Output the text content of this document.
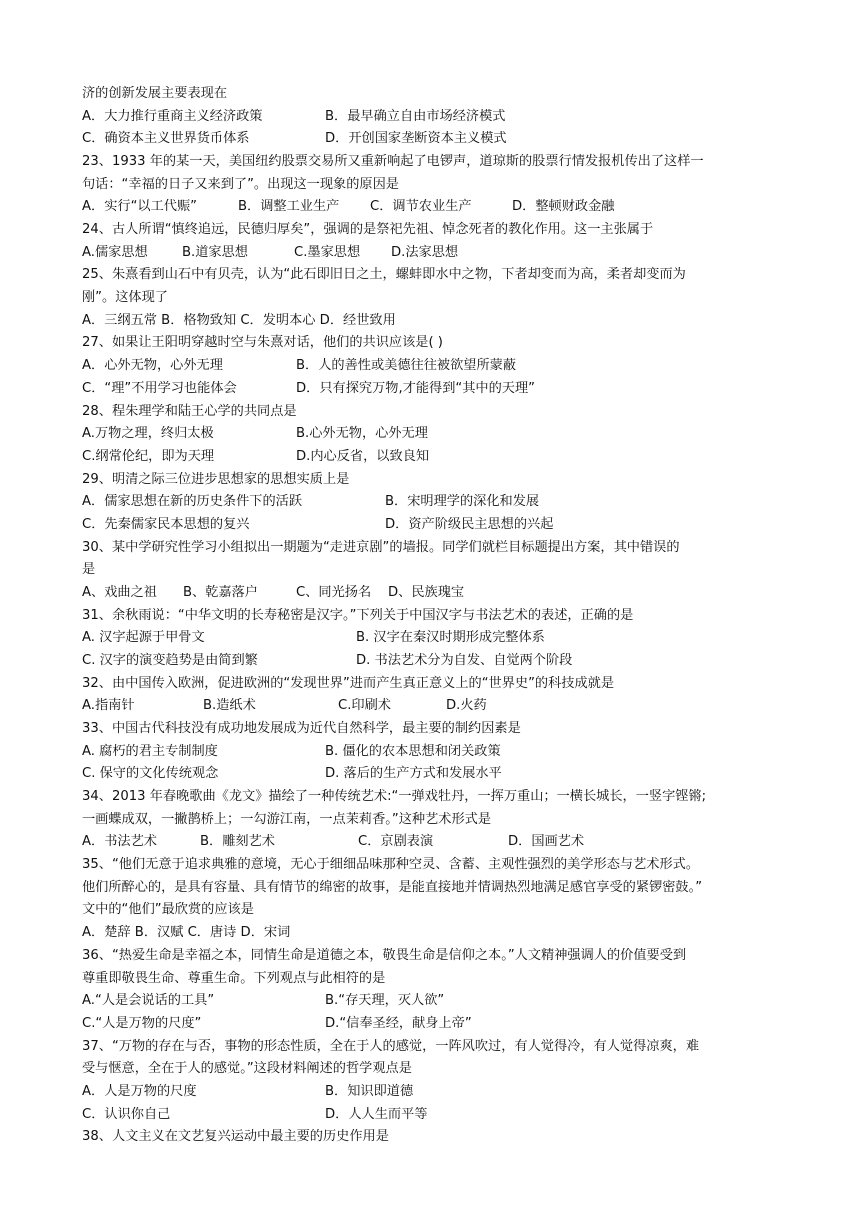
济的创新发展主要表现在
A．大力推行重商主义经济政策	B．最早确立自由市场经济模式
C．确资本主义世界货币体系	D．开创国家垄断资本主义模式
23、1933 年的某一天，美国纽约股票交易所又重新响起了电锣声，道琼斯的股票行情发报机传出了这样一
句话：“幸福的日子又来到了”。出现这一现象的原因是
A．实行“以工代赈”	B．调整工业生产 C．调节农业生产	D．整顿财政金融
24、古人所谓“慎终追远，民德归厚矣”，强调的是祭祀先祖、悼念死者的教化作用。这一主张属于
A.儒家思想	B.道家思想	C.墨家思想 D.法家思想
25、朱熹看到山石中有贝壳，认为“此石即旧日之土，螺蚌即水中之物，下者却变而为高，柔者却变而为
刚”。这体现了
A．三纲五常 B．格物致知 C．发明本心 D．经世致用
27、如果让王阳明穿越时空与朱熹对话，他们的共识应该是( )
A．心外无物，心外无理	B．人的善性或美德往往被欲望所蒙蔽
C．“理”不用学习也能体会	D．只有探究万物,才能得到“其中的天理”
28、程朱理学和陆王心学的共同点是
A.万物之理，终归太极	B.心外无物，心外无理
C.纲常伦纪，即为天理	D.内心反省，以致良知
29、明清之际三位进步思想家的思想实质上是
A．儒家思想在新的历史条件下的活跃	B．宋明理学的深化和发展
C．先秦儒家民本思想的复兴	D．资产阶级民主思想的兴起
30、某中学研究性学习小组拟出一期题为“走进京剧”的墙报。同学们就栏目标题提出方案，其中错误的
是
A、戏曲之祖 B、乾嘉落户	C、同光扬名 D、民族瑰宝
31、余秋雨说：“中华文明的长寿秘密是汉字。”下列关于中国汉字与书法艺术的表述，正确的是
A. 汉字起源于甲骨文	B. 汉字在秦汉时期形成完整体系
C. 汉字的演变趋势是由简到繁	D. 书法艺术分为自发、自觉两个阶段
32、由中国传入欧洲，促进欧洲的“发现世界”进而产生真正意义上的“世界史”的科技成就是
A.指南针	B.造纸术	C.印刷术	D.火药
33、中国古代科技没有成功地发展成为近代自然科学，最主要的制约因素是
A. 腐朽的君主专制制度	B. 僵化的农本思想和闭关政策
C. 保守的文化传统观念	D. 落后的生产方式和发展水平
34、2013 年春晚歌曲《龙文》描绘了一种传统艺术:“一弹戏牡丹，一挥万重山；一横长城长，一竖字铿锵;
一画蝶成双，一撇鹊桥上；一勾游江南，一点茉莉香。”这种艺术形式是
A．书法艺术	B．雕刻艺术	C．京剧表演	D．国画艺术
35、“他们无意于追求典雅的意境，无心于细细品味那种空灵、含蓄、主观性强烈的美学形态与艺术形式。
他们所醉心的，是具有容量、具有情节的绵密的故事，是能直接地并情调热烈地满足感官享受的紧锣密鼓。”
文中的“他们”最欣赏的应该是
A．楚辞 B．汉赋 C．唐诗 D．宋词
36、“热爱生命是幸福之本，同情生命是道德之本，敬畏生命是信仰之本。”人文精神强调人的价值要受到
尊重即敬畏生命、尊重生命。下列观点与此相符的是
A.“人是会说话的工具”	B.“存天理，灭人欲”
C.“人是万物的尺度”	D.“信奉圣经，献身上帝”
37、“万物的存在与否，事物的形态性质，全在于人的感觉，一阵风吹过，有人觉得冷，有人觉得凉爽，难
受与惬意，全在于人的感觉。”这段材料阐述的哲学观点是
A．人是万物的尺度	B．知识即道德
C．认识你自己	D．人人生而平等
38、人文主义在文艺复兴运动中最主要的历史作用是
